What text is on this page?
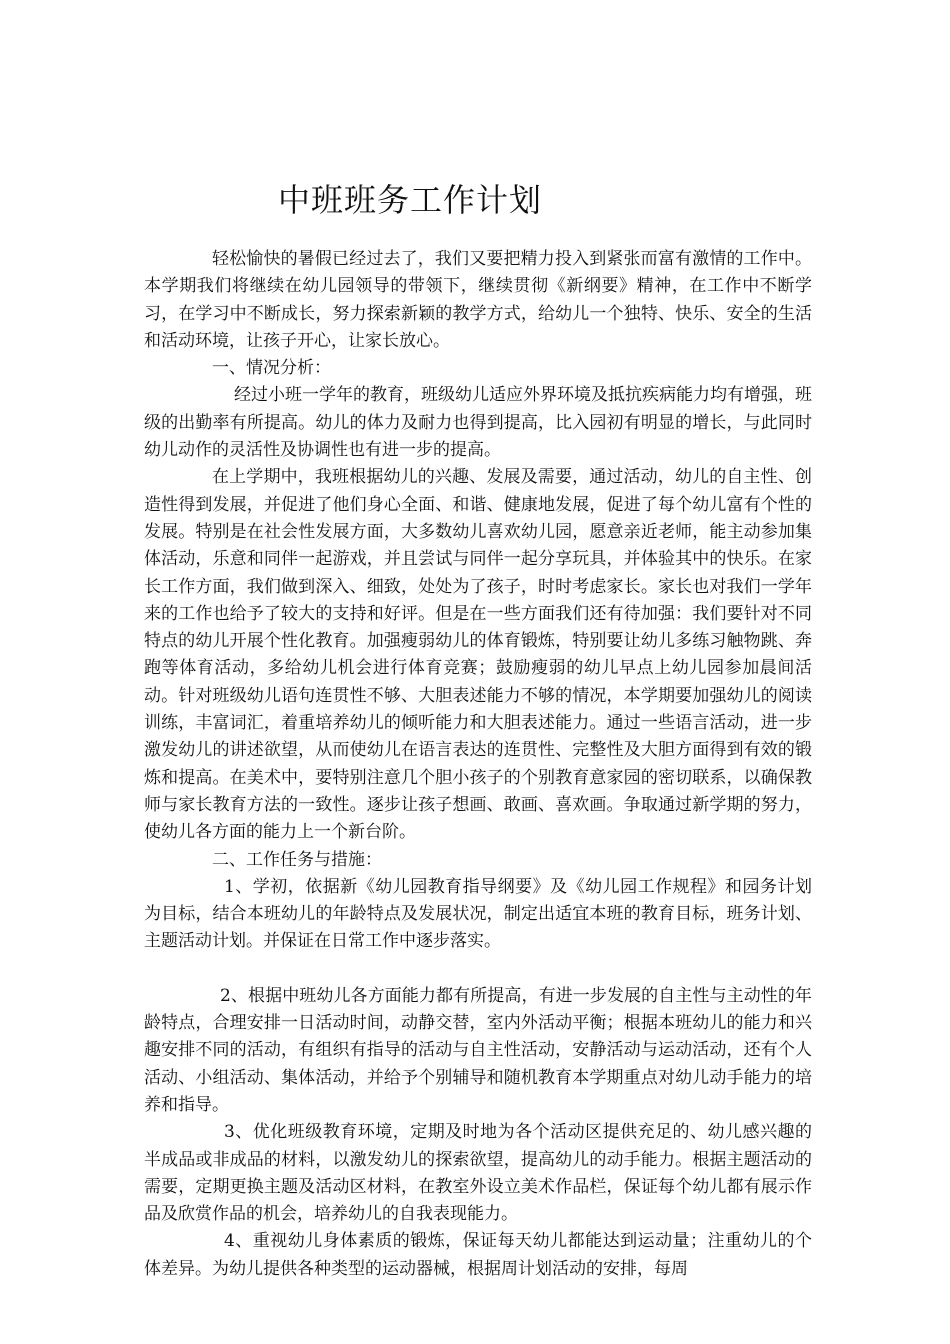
中班班务工作计划

轻松愉快的暑假已经过去了，我们又要把精力投入到紧张而富有激情的工作中。本学期我们将继续在幼儿园领导的带领下，继续贯彻《新纲要》精神，在工作中不断学习，在学习中不断成长，努力探索新颖的教学方式，给幼儿一个独特、快乐、安全的生活和活动环境，让孩子开心，让家长放心。

一、情况分析：

经过小班一学年的教育，班级幼儿适应外界环境及抵抗疾病能力均有增强，班级的出勤率有所提高。幼儿的体力及耐力也得到提高，比入园初有明显的增长，与此同时幼儿动作的灵活性及协调性也有进一步的提高。

在上学期中，我班根据幼儿的兴趣、发展及需要，通过活动，幼儿的自主性、创造性得到发展，并促进了他们身心全面、和谐、健康地发展，促进了每个幼儿富有个性的发展。特别是在社会性发展方面，大多数幼儿喜欢幼儿园，愿意亲近老师，能主动参加集体活动，乐意和同伴一起游戏，并且尝试与同伴一起分享玩具，并体验其中的快乐。在家长工作方面，我们做到深入、细致，处处为了孩子，时时考虑家长。家长也对我们一学年来的工作也给予了较大的支持和好评。但是在一些方面我们还有待加强：我们要针对不同特点的幼儿开展个性化教育。加强瘦弱幼儿的体育锻炼，特别要让幼儿多练习触物跳、奔跑等体育活动，多给幼儿机会进行体育竞赛；鼓励瘦弱的幼儿早点上幼儿园参加晨间活动。针对班级幼儿语句连贯性不够、大胆表述能力不够的情况，本学期要加强幼儿的阅读训练，丰富词汇，着重培养幼儿的倾听能力和大胆表述能力。通过一些语言活动，进一步激发幼儿的讲述欲望，从而使幼儿在语言表达的连贯性、完整性及大胆方面得到有效的锻炼和提高。在美术中，要特别注意几个胆小孩子的个别教育意家园的密切联系，以确保教师与家长教育方法的一致性。逐步让孩子想画、敢画、喜欢画。争取通过新学期的努力，使幼儿各方面的能力上一个新台阶。

二、工作任务与措施：

1、学初，依据新《幼儿园教育指导纲要》及《幼儿园工作规程》和园务计划为目标，结合本班幼儿的年龄特点及发展状况，制定出适宜本班的教育目标，班务计划、主题活动计划。并保证在日常工作中逐步落实。

2、根据中班幼儿各方面能力都有所提高，有进一步发展的自主性与主动性的年龄特点，合理安排一日活动时间，动静交替，室内外活动平衡；根据本班幼儿的能力和兴趣安排不同的活动，有组织有指导的活动与自主性活动，安静活动与运动活动，还有个人活动、小组活动、集体活动，并给予个别辅导和随机教育本学期重点对幼儿动手能力的培养和指导。

3、优化班级教育环境，定期及时地为各个活动区提供充足的、幼儿感兴趣的半成品或非成品的材料，以激发幼儿的探索欲望，提高幼儿的动手能力。根据主题活动的需要，定期更换主题及活动区材料，在教室外设立美术作品栏，保证每个幼儿都有展示作品及欣赏作品的机会，培养幼儿的自我表现能力。

4、重视幼儿身体素质的锻炼，保证每天幼儿都能达到运动量；注重幼儿的个体差异。为幼儿提供各种类型的运动器械，根据周计划活动的安排，每周
